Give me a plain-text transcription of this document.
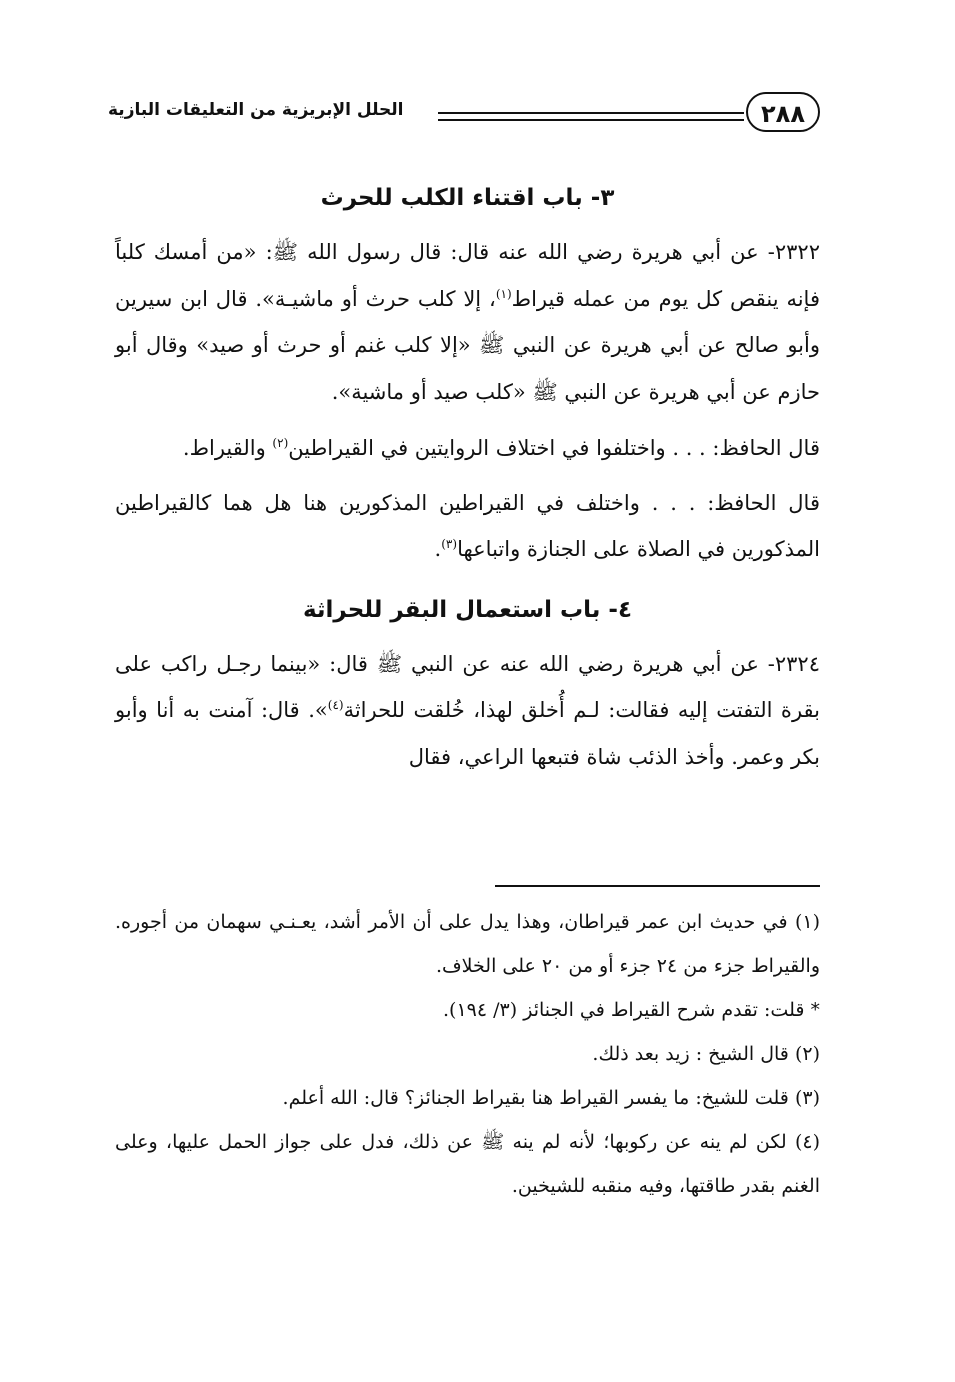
٢٨٨
الحلل الإبريزية من التعليقات البازية
٣- باب اقتناء الكلب للحرث

٢٣٢٢- عن أبي هريرة رضي الله عنه قال: قال رسول الله ﷺ: «من أمسك كلباً فإنه ينقص كل يوم من عمله قيراط$^{(١)}$، إلا كلب حرث أو ماشيـة». قال ابن سيرين وأبو صالح عن أبي هريرة عن النبي ﷺ «إلا كلب غنم أو حرث أو صيد» وقال أبو حازم عن أبي هريرة عن النبي ﷺ «كلب صيد أو ماشية».

قال الحافظ: . . . واختلفوا في اختلاف الروايتين في القيراطين$^{(٢)}$ والقيراط.

قال الحافظ: . . . واختلف في القيراطين المذكورين هنا هل هما كالقيراطين المذكورين في الصلاة على الجنازة واتباعها$^{(٣)}$.

٤- باب استعمال البقر للحراثة

٢٣٢٤- عن أبي هريرة رضي الله عنه عن النبي ﷺ قال: «بينما رجـل راكب على بقرة التفتت إليه فقالت: لـم أُخلق لهذا، خُلقت للحراثة$^{(٤)}$». قال: آمنت به أنا وأبو بكر وعمر. وأخذ الذئب شاة فتبعها الراعي، فقال

(١) في حديث ابن عمر قيراطان، وهذا يدل على أن الأمر أشد، يعـنـي سهمان من أجوره. والقيراط جزء من ٢٤ جزء أو من ٢٠ على الخلاف.

* قلت: تقدم شرح القيراط في الجنائز (٣/ ١٩٤).

(٢) قال الشيخ : زيد بعد ذلك.

(٣) قلت للشيخ: ما يفسر القيراط هنا بقيراط الجنائز؟ قال: الله أعلم.

(٤) لكن لم ينه عن ركوبها؛ لأنه لم ينه ﷺ عن ذلك، فدل على جواز الحمل عليها، وعلى الغنم بقدر طاقتها، وفيه منقبه للشيخين.
